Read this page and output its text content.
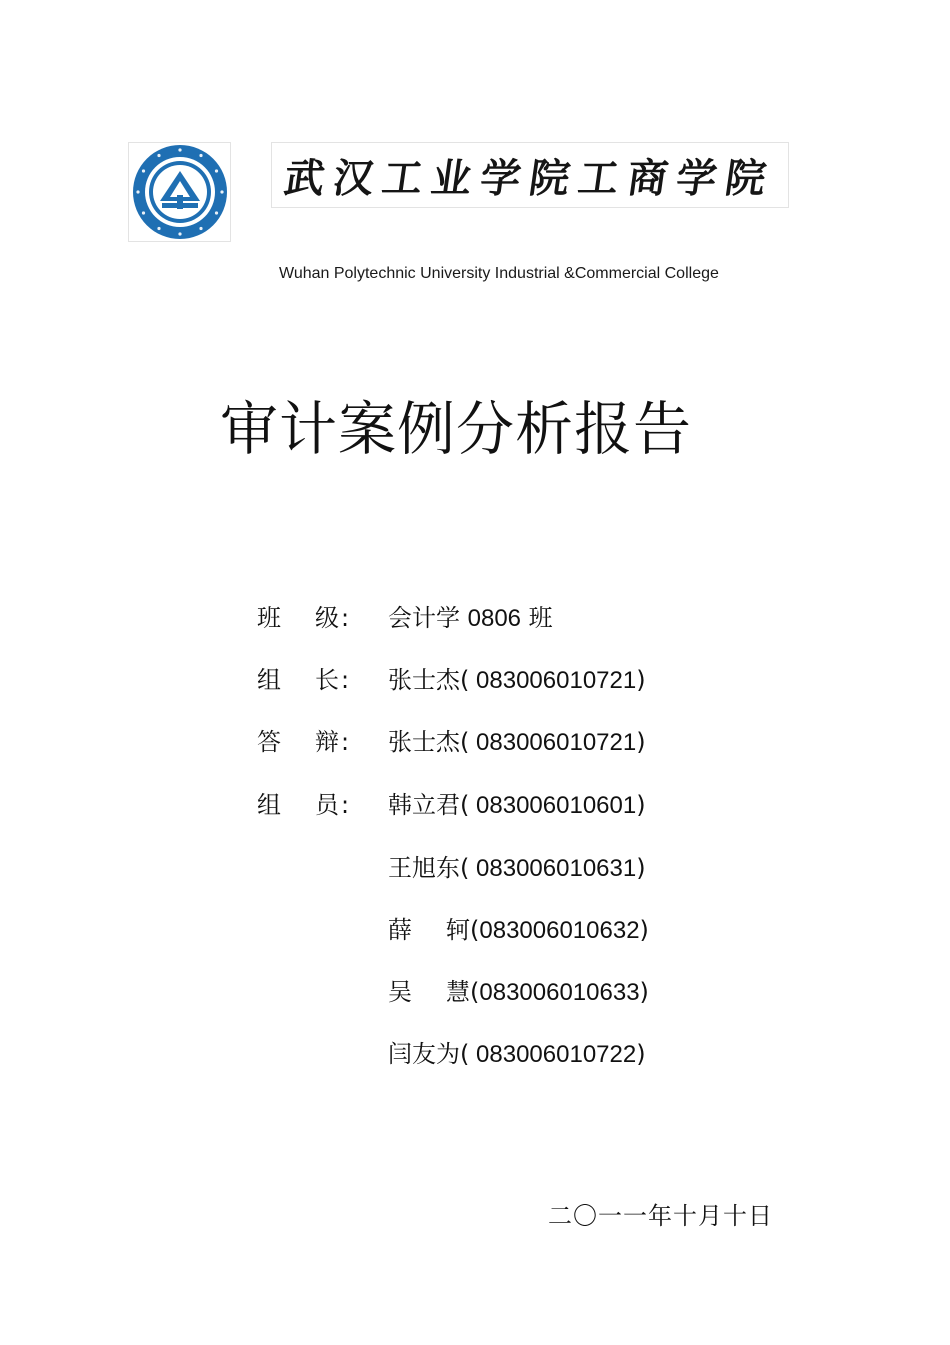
武汉工业学院工商学院
Wuhan Polytechnic University Industrial &Commercial College
审计案例分析报告
班 级 : 会计学 0806 班
组 长 : 张士杰( 083006010721)
答 辩 : 张士杰( 083006010721)
组 员 : 韩立君( 083006010601)
王旭东( 083006010631)
薛 轲(083006010632)
吴 慧(083006010633)
闫友为( 083006010722)
二〇一一年十月十日
